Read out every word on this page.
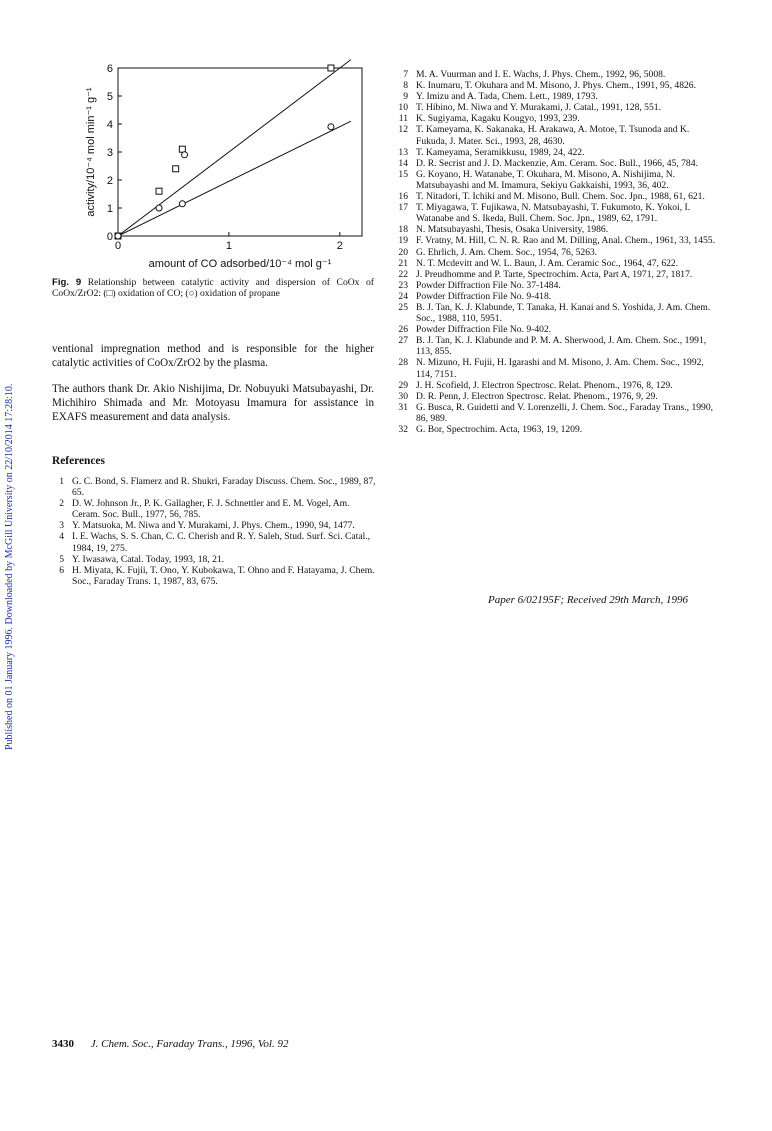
Published on 01 January 1996. Downloaded by McGill University on 22/10/2014 17:28:10.
0
1
2
3
4
5
6
0	1	2
amount of CO adsorbed/10⁻⁴ mol g⁻¹
activity/10⁻⁴ mol min⁻¹ g⁻¹
Fig. 9 Relationship between catalytic activity and dispersion of CoOx of CoOx/ZrO2: (□) oxidation of CO; (○) oxidation of propane
ventional impregnation method and is responsible for the higher catalytic activities of CoOx/ZrO2 by the plasma.
The authors thank Dr. Akio Nishijima, Dr. Nobuyuki Matsubayashi, Dr. Michihiro Shimada and Mr. Motoyasu Imamura for assistance in EXAFS measurement and data analysis.
References
1 G. C. Bond, S. Flamerz and R. Shukri, Faraday Discuss. Chem. Soc., 1989, 87, 65.
2 D. W. Johnson Jr., P. K. Gallagher, F. J. Schnettler and E. M. Vogel, Am. Ceram. Soc. Bull., 1977, 56, 785.
3 Y. Matsuoka, M. Niwa and Y. Murakami, J. Phys. Chem., 1990, 94, 1477.
4 I. E. Wachs, S. S. Chan, C. C. Cherish and R. Y. Saleh, Stud. Surf. Sci. Catal., 1984, 19, 275.
5 Y. Iwasawa, Catal. Today, 1993, 18, 21.
6 H. Miyata, K. Fujii, T. Ono, Y. Kubokawa, T. Ohno and F. Hatayama, J. Chem. Soc., Faraday Trans. 1, 1987, 83, 675.
7 M. A. Vuurman and I. E. Wachs, J. Phys. Chem., 1992, 96, 5008.
8 K. Inumaru, T. Okuhara and M. Misono, J. Phys. Chem., 1991, 95, 4826.
9 Y. Imizu and A. Tada, Chem. Lett., 1989, 1793.
10 T. Hibino, M. Niwa and Y. Murakami, J. Catal., 1991, 128, 551.
11 K. Sugiyama, Kagaku Kougyo, 1993, 239.
12 T. Kameyama, K. Sakanaka, H. Arakawa, A. Motoe, T. Tsunoda and K. Fukuda, J. Mater. Sci., 1993, 28, 4630.
13 T. Kameyama, Seramikkusu, 1989, 24, 422.
14 D. R. Secrist and J. D. Mackenzie, Am. Ceram. Soc. Bull., 1966, 45, 784.
15 G. Koyano, H. Watanabe, T. Okuhara, M. Misono, A. Nishijima, N. Matsubayashi and M. Imamura, Sekiyu Gakkaishi, 1993, 36, 402.
16 T. Nitadori, T. Ichiki and M. Misono, Bull. Chem. Soc. Jpn., 1988, 61, 621.
17 T. Miyagawa, T. Fujikawa, N. Matsubayashi, T. Fukumoto, K. Yokoi, I. Watanabe and S. Ikeda, Bull. Chem. Soc. Jpn., 1989, 62, 1791.
18 N. Matsubayashi, Thesis, Osaka University, 1986.
19 F. Vratny, M. Hill, C. N. R. Rao and M. Dilling, Anal. Chem., 1961, 33, 1455.
20 G. Ehrlich, J. Am. Chem. Soc., 1954, 76, 5263.
21 N. T. Mcdevitt and W. L. Baun, J. Am. Ceramic Soc., 1964, 47, 622.
22 J. Preudhomme and P. Tarte, Spectrochim. Acta, Part A, 1971, 27, 1817.
23 Powder Diffraction File No. 37-1484.
24 Powder Diffraction File No. 9-418.
25 B. J. Tan, K. J. Klabunde, T. Tanaka, H. Kanai and S. Yoshida, J. Am. Chem. Soc., 1988, 110, 5951.
26 Powder Diffraction File No. 9-402.
27 B. J. Tan, K. J. Klabunde and P. M. A. Sherwood, J. Am. Chem. Soc., 1991, 113, 855.
28 N. Mizuno, H. Fujii, H. Igarashi and M. Misono, J. Am. Chem. Soc., 1992, 114, 7151.
29 J. H. Scofield, J. Electron Spectrosc. Relat. Phenom., 1976, 8, 129.
30 D. R. Penn, J. Electron Spectrosc. Relat. Phenom., 1976, 9, 29.
31 G. Busca, R. Guidetti and V. Lorenzelli, J. Chem. Soc., Faraday Trans., 1990, 86, 989.
32 G. Bor, Spectrochim. Acta, 1963, 19, 1209.
Paper 6/02195F; Received 29th March, 1996
3430 J. Chem. Soc., Faraday Trans., 1996, Vol. 92
